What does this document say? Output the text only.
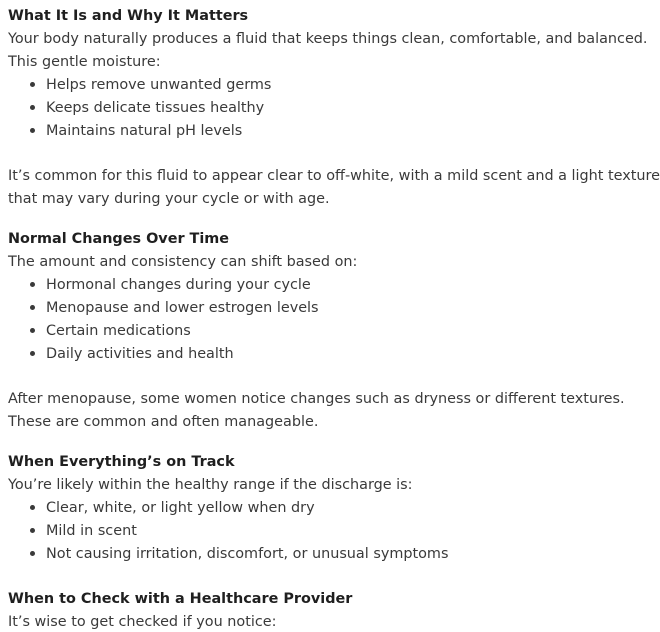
What It Is and Why It Matters
Your body naturally produces a fluid that keeps things clean, comfortable, and balanced.
This gentle moisture:
Helps remove unwanted germs
Keeps delicate tissues healthy
Maintains natural pH levels
It’s common for this fluid to appear clear to off-white, with a mild scent and a light texture
that may vary during your cycle or with age.
Normal Changes Over Time
The amount and consistency can shift based on:
Hormonal changes during your cycle
Menopause and lower estrogen levels
Certain medications
Daily activities and health
After menopause, some women notice changes such as dryness or different textures.
These are common and often manageable.
When Everything’s on Track
You’re likely within the healthy range if the discharge is:
Clear, white, or light yellow when dry
Mild in scent
Not causing irritation, discomfort, or unusual symptoms
When to Check with a Healthcare Provider
It’s wise to get checked if you notice:
